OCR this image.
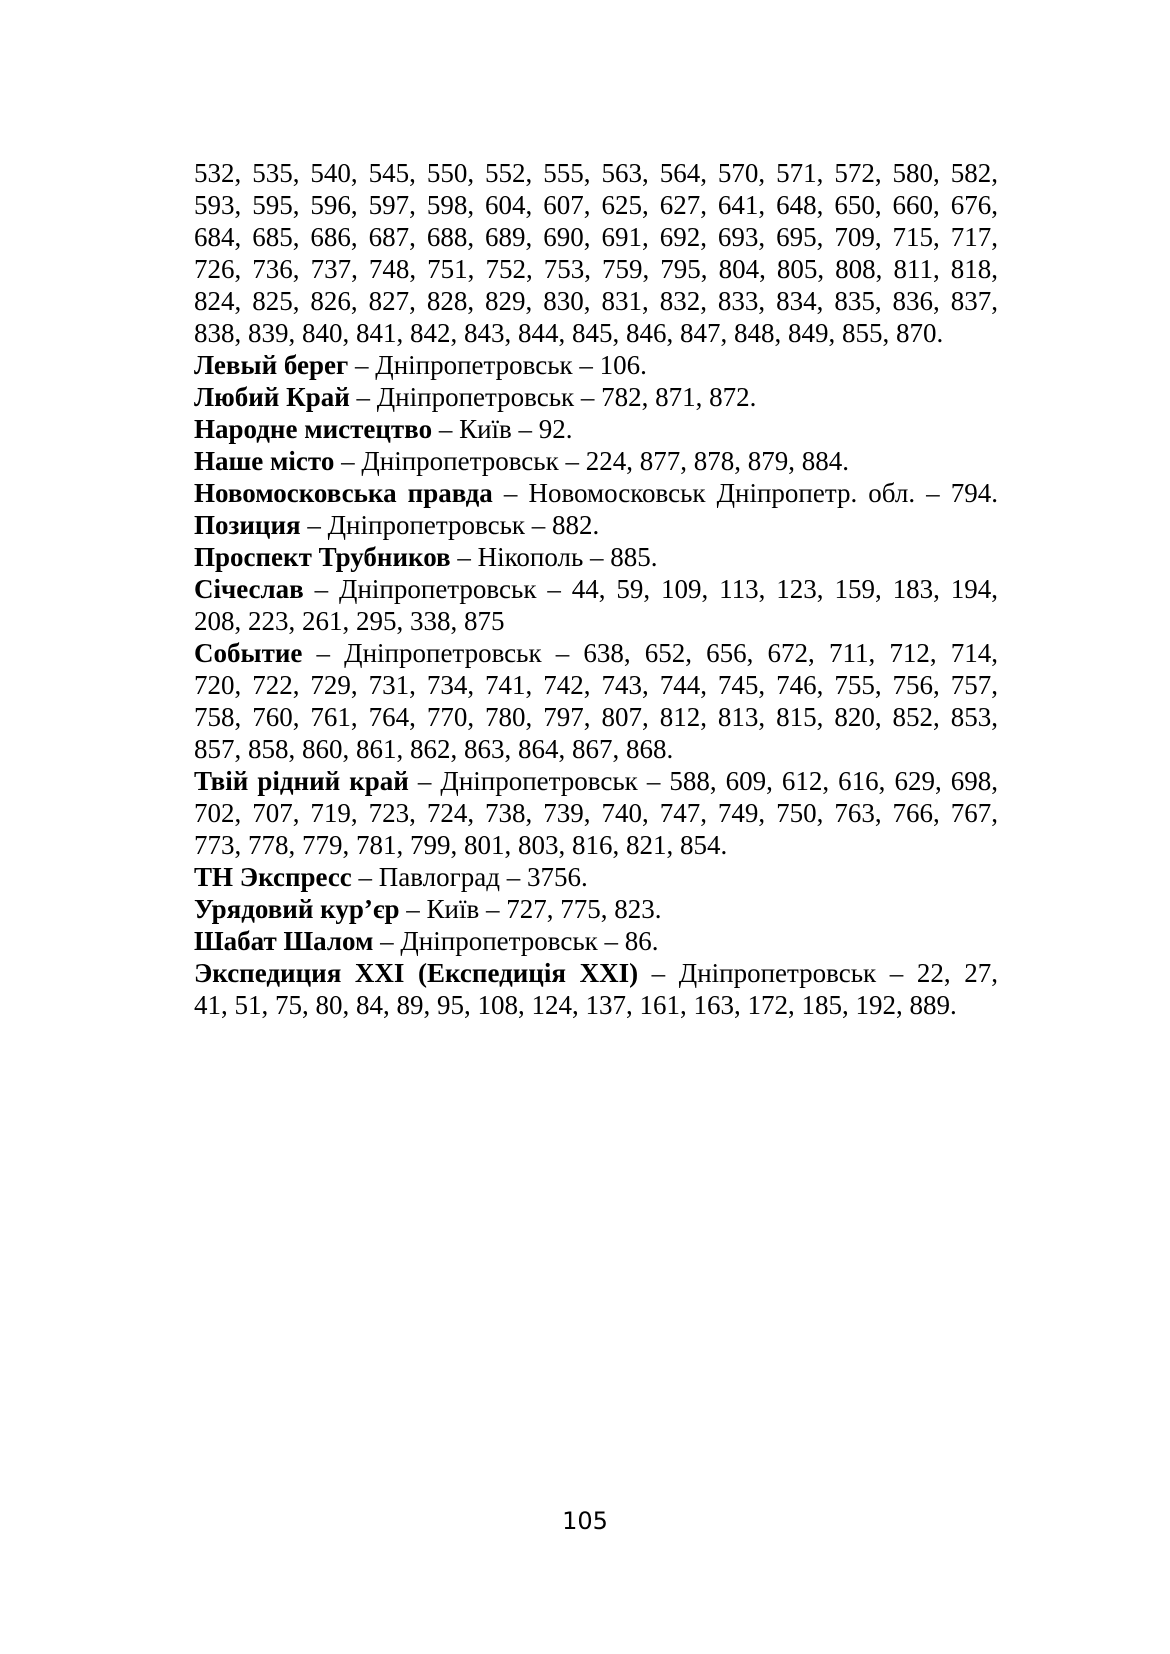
532, 535, 540, 545, 550, 552, 555, 563, 564, 570, 571, 572, 580, 582,
593, 595, 596, 597, 598, 604, 607, 625, 627, 641, 648, 650, 660, 676,
684, 685, 686, 687, 688, 689, 690, 691, 692, 693, 695, 709, 715, 717,
726, 736, 737, 748, 751, 752, 753, 759, 795, 804, 805, 808, 811, 818,
824, 825, 826, 827, 828, 829, 830, 831, 832, 833, 834, 835, 836, 837,
838, 839, 840, 841, 842, 843, 844, 845, 846, 847, 848, 849, 855, 870.
Левый берег – Дніпропетровськ – 106.
Любий Край – Дніпропетровськ – 782, 871, 872.
Народне мистецтво – Київ – 92.
Наше місто – Дніпропетровськ – 224, 877, 878, 879, 884.
Новомосковська правда – Новомосковськ Дніпропетр. обл. – 794.
Позиция – Дніпропетровськ – 882.
Проспект Трубников – Нікополь – 885.
Січеслав – Дніпропетровськ – 44, 59, 109, 113, 123, 159, 183, 194,
208, 223, 261, 295, 338, 875
Событие – Дніпропетровськ – 638, 652, 656, 672, 711, 712, 714,
720, 722, 729, 731, 734, 741, 742, 743, 744, 745, 746, 755, 756, 757,
758, 760, 761, 764, 770, 780, 797, 807, 812, 813, 815, 820, 852, 853,
857, 858, 860, 861, 862, 863, 864, 867, 868.
Твій рідний край – Дніпропетровськ – 588, 609, 612, 616, 629, 698,
702, 707, 719, 723, 724, 738, 739, 740, 747, 749, 750, 763, 766, 767,
773, 778, 779, 781, 799, 801, 803, 816, 821, 854.
ТН Экспресс – Павлоград – 3756.
Урядовий кур’єр – Київ – 727, 775, 823.
Шабат Шалом – Дніпропетровськ – 86.
Экспедиция ХХІ (Експедиція ХХІ) – Дніпропетровськ – 22, 27,
41, 51, 75, 80, 84, 89, 95, 108, 124, 137, 161, 163, 172, 185, 192, 889.
105
